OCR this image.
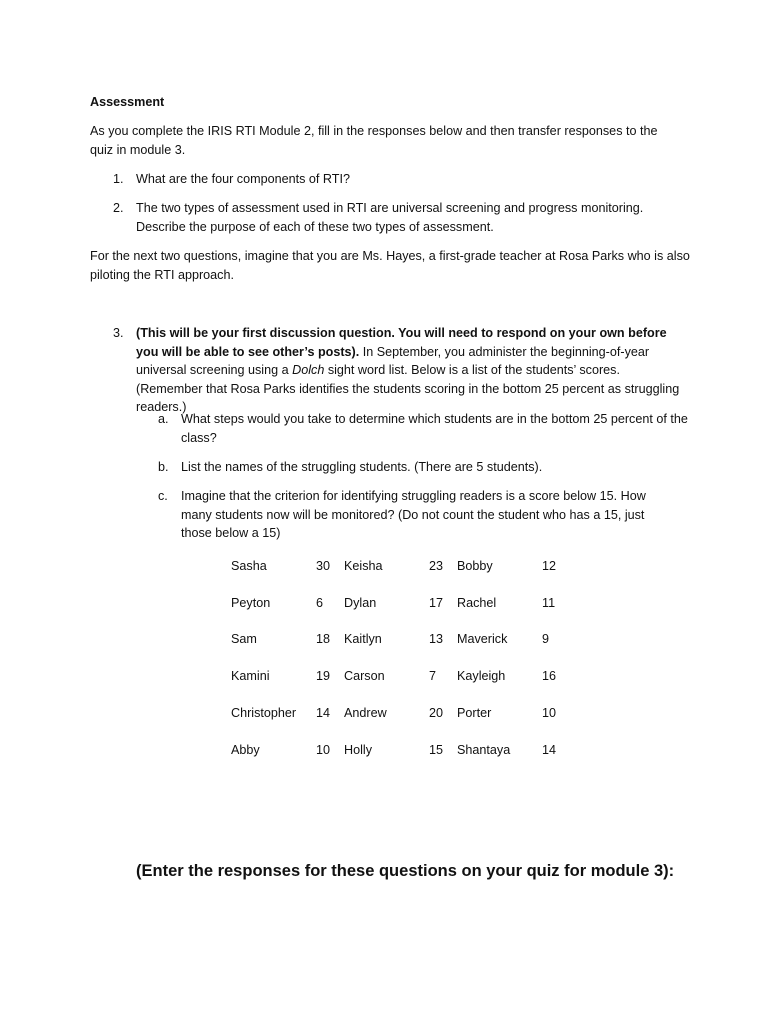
Assessment
As you complete the IRIS RTI Module 2, fill in the responses below and then transfer responses to the quiz in module 3.
1. What are the four components of RTI?
2. The two types of assessment used in RTI are universal screening and progress monitoring. Describe the purpose of each of these two types of assessment.
For the next two questions, imagine that you are Ms. Hayes, a first-grade teacher at Rosa Parks who is also piloting the RTI approach.
3. (This will be your first discussion question. You will need to respond on your own before you will be able to see other’s posts). In September, you administer the beginning-of-year universal screening using a Dolch sight word list. Below is a list of the students’ scores. (Remember that Rosa Parks identifies the students scoring in the bottom 25 percent as struggling readers.)
a. What steps would you take to determine which students are in the bottom 25 percent of the class?
b. List the names of the struggling students. (There are 5 students).
c. Imagine that the criterion for identifying struggling readers is a score below 15. How many students now will be monitored? (Do not count the student who has a 15, just those below a 15)
Sasha	30 Keisha	23 Bobby	12
Peyton	6 Dylan	17 Rachel	11
Sam	18 Kaitlyn	13 Maverick	9
Kamini	19 Carson	7 Kayleigh	16
Christopher 14 Andrew	20 Porter	10
Abby	10 Holly	15 Shantaya	14
(Enter the responses for these questions on your quiz for module 3):
